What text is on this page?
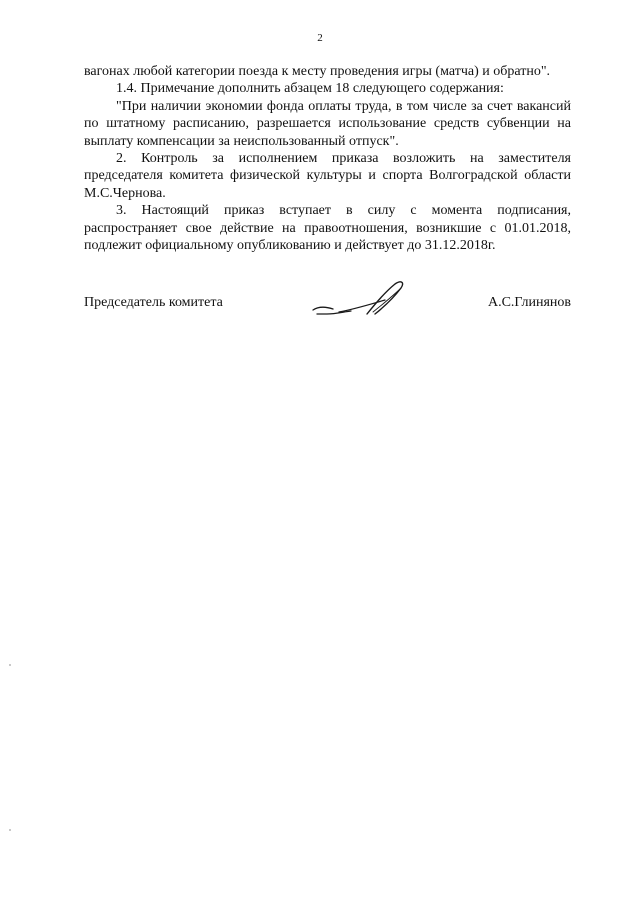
2

вагонах любой категории поезда к месту проведения игры (матча) и обратно".

1.4. Примечание дополнить абзацем 18 следующего содержания:

"При наличии экономии фонда оплаты труда, в том числе за счет вакансий по штатному расписанию, разрешается использование средств субвенции на выплату компенсации за неиспользованный отпуск".

2. Контроль за исполнением приказа возложить на заместителя председателя комитета физической культуры и спорта Волгоградской области М.С.Чернова.

3. Настоящий приказ вступает в силу с момента подписания, распространяет свое действие на правоотношения, возникшие с 01.01.2018, подлежит официальному опубликованию и действует до 31.12.2018г.

Председатель комитета	А.С.Глинянов
